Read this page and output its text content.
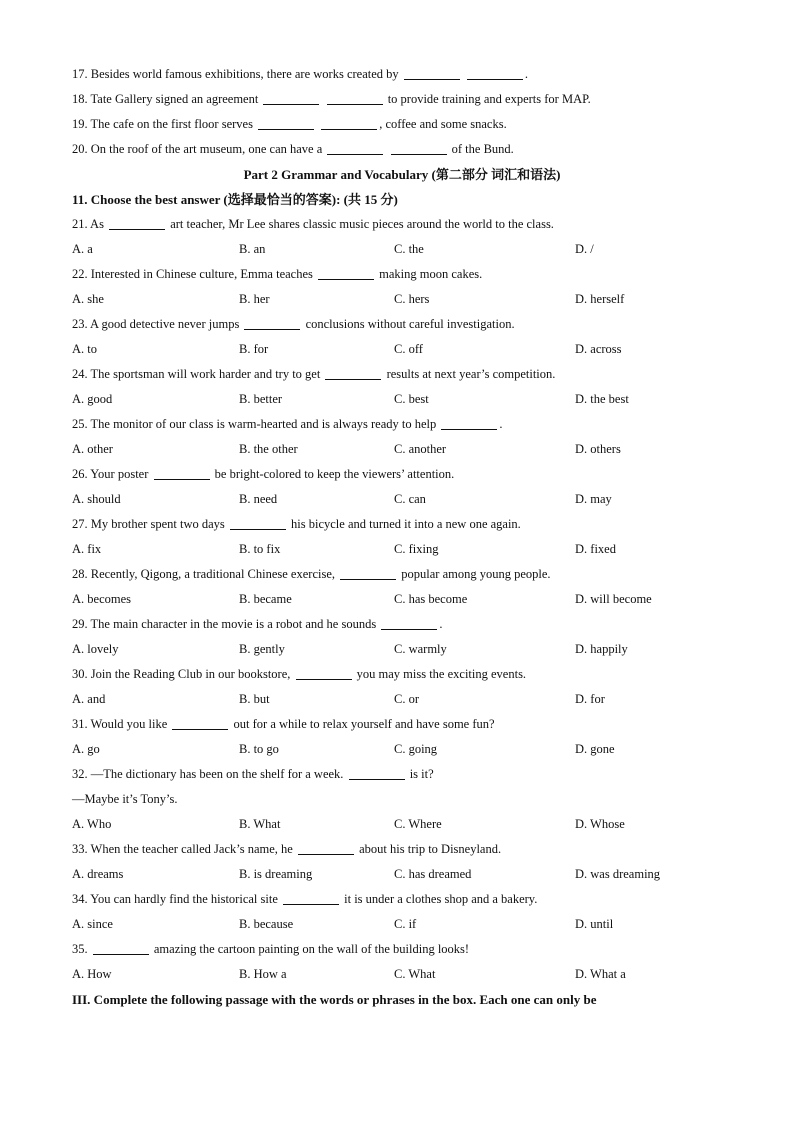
17. Besides world famous exhibitions, there are works created by	.
18. Tate Gallery signed an agreement	to provide training and experts for MAP.
19. The cafe on the first floor serves	, coffee and some snacks.
20. On the roof of the art museum, one can have a	of the Bund.
Part 2 Grammar and Vocabulary (第二部分 词汇和语法)
11. Choose the best answer (选择最恰当的答案): (共 15 分)
21. As	art teacher, Mr Lee shares classic music pieces around the world to the class.
A. a	B. an	C. the	D. /
22. Interested in Chinese culture, Emma teaches	making moon cakes.
A. she	B. her	C. hers	D. herself
23. A good detective never jumps	conclusions without careful investigation.
A. to	B. for	C. off	D. across
24. The sportsman will work harder and try to get	results at next year’s competition.
A. good	B. better	C. best	D. the best
25. The monitor of our class is warm-hearted and is always ready to help	.
A. other	B. the other	C. another	D. others
26. Your poster	be bright-colored to keep the viewers’ attention.
A. should	B. need	C. can	D. may
27. My brother spent two days	his bicycle and turned it into a new one again.
A. fix	B. to fix	C. fixing	D. fixed
28. Recently, Qigong, a traditional Chinese exercise,	popular among young people.
A. becomes	B. became	C. has become	D. will become
29. The main character in the movie is a robot and he sounds	.
A. lovely	B. gently	C. warmly	D. happily
30. Join the Reading Club in our bookstore,	you may miss the exciting events.
A. and	B. but	C. or	D. for
31. Would you like	out for a while to relax yourself and have some fun?
A. go	B. to go	C. going	D. gone
32. —The dictionary has been on the shelf for a week.	is it?
—Maybe it’s Tony’s.
A. Who	B. What	C. Where	D. Whose
33. When the teacher called Jack’s name, he	about his trip to Disneyland.
A. dreams	B. is dreaming	C. has dreamed	D. was dreaming
34. You can hardly find the historical site	it is under a clothes shop and a bakery.
A. since	B. because	C. if	D. until
35.	amazing the cartoon painting on the wall of the building looks!
A. How	B. How a	C. What	D. What a
III. Complete the following passage with the words or phrases in the box. Each one can only be
